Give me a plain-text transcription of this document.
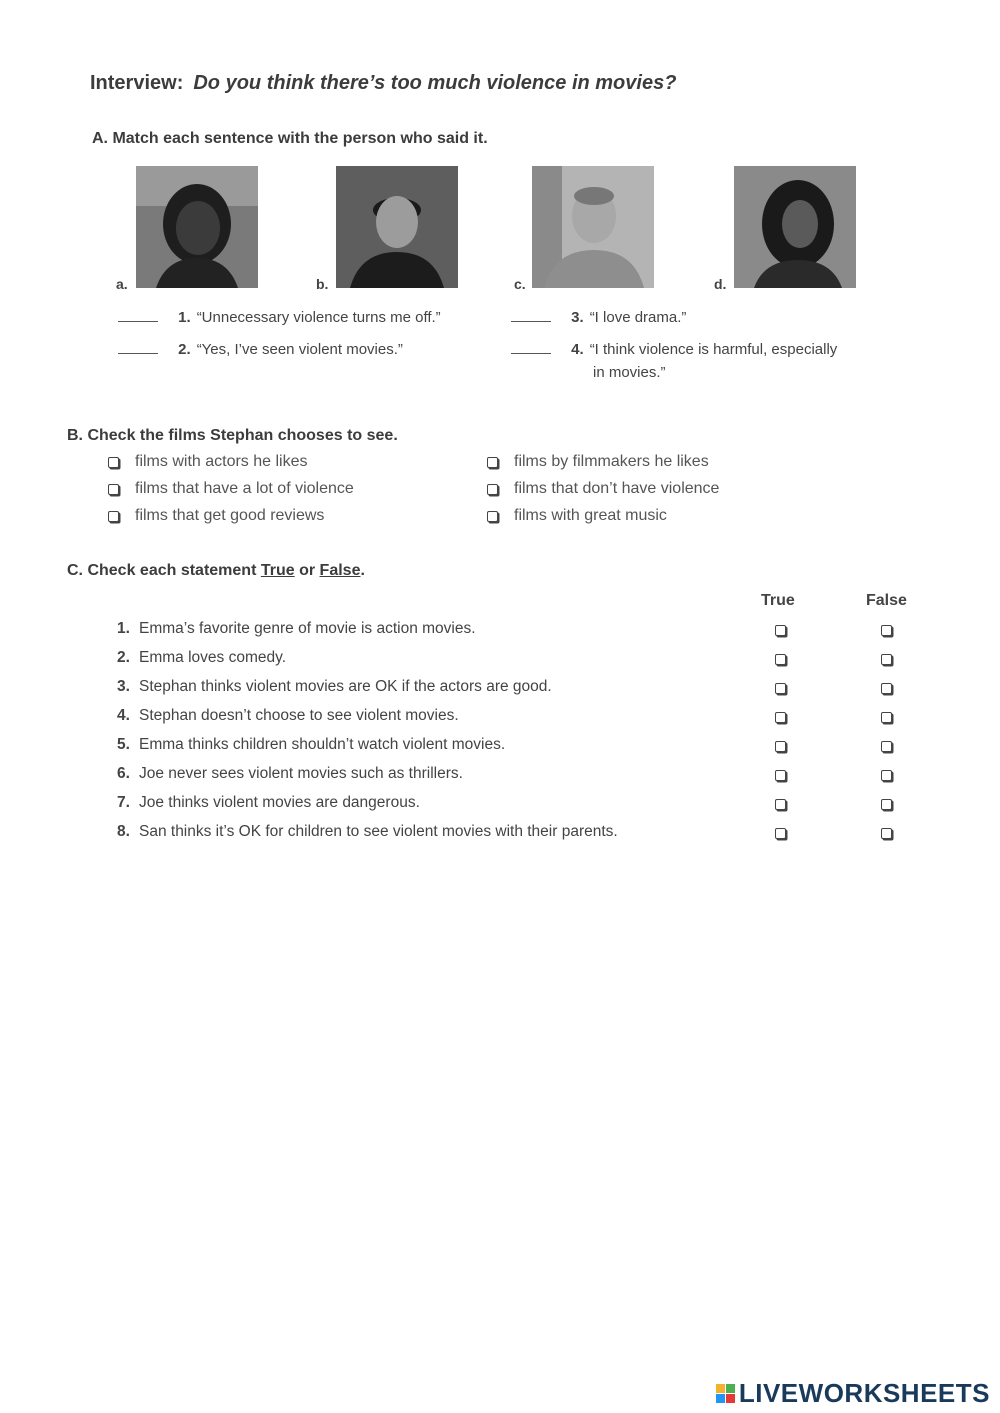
Interview: Do you think there’s too much violence in movies?
A. Match each sentence with the person who said it.
a.	b.	c.	d.
1. “Unnecessary violence turns me off.”
2. “Yes, I’ve seen violent movies.”
3. “I love drama.”
4. “I think violence is harmful, especially
in movies.”
B. Check the films Stephan chooses to see.
films with actors he likes
films that have a lot of violence
films that get good reviews
films by filmmakers he likes
films that don’t have violence
films with great music
C. Check each statement True or False.
True	False
1. Emma’s favorite genre of movie is action movies.
2. Emma loves comedy.
3. Stephan thinks violent movies are OK if the actors are good.
4. Stephan doesn’t choose to see violent movies.
5. Emma thinks children shouldn’t watch violent movies.
6. Joe never sees violent movies such as thrillers.
7. Joe thinks violent movies are dangerous.
8. San thinks it’s OK for children to see violent movies with their parents.
LIVEWORKSHEETS
